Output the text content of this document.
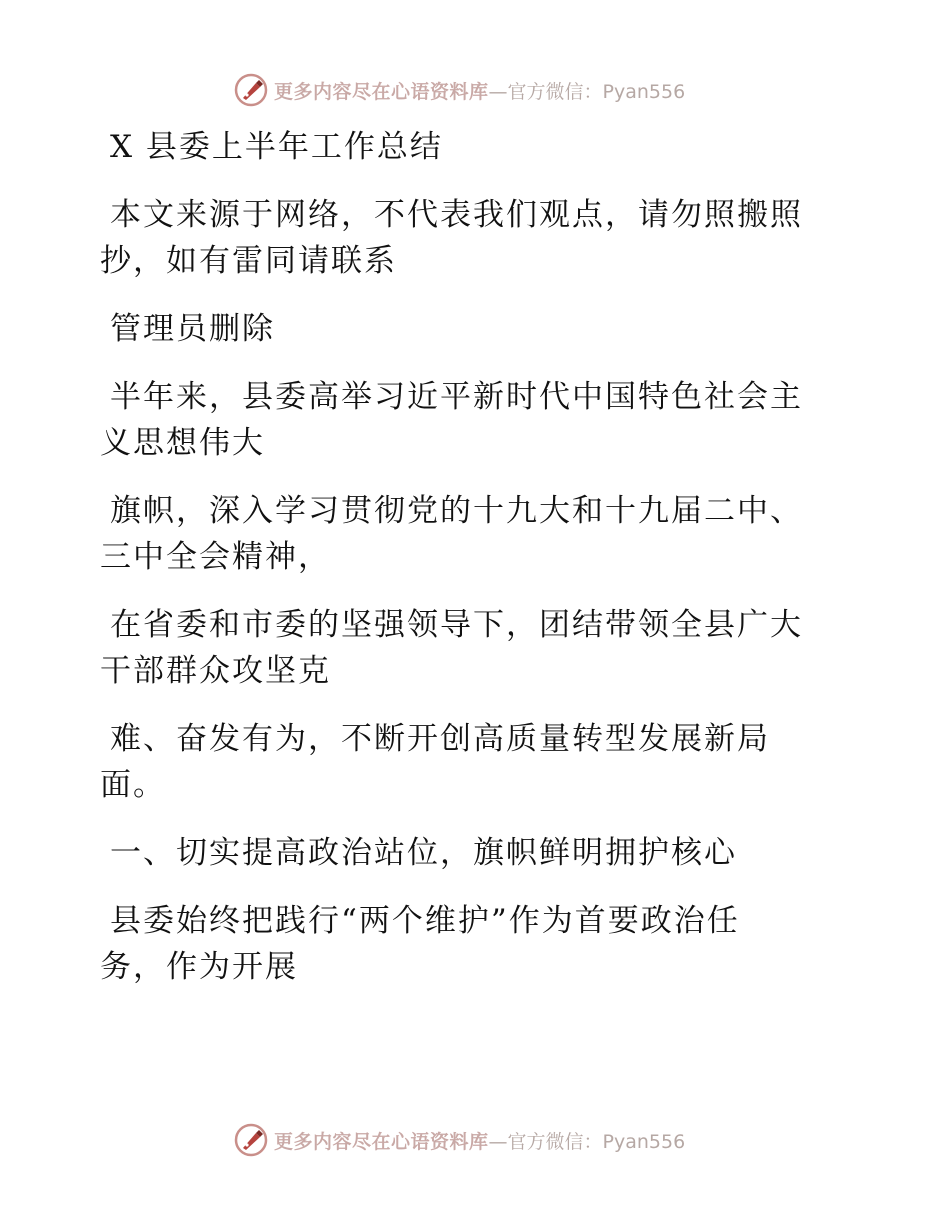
更多内容尽在心语资料库 —官方微信：Pyan556
X 县委上半年工作总结
本文来源于网络，不代表我们观点，请勿照搬照
抄，如有雷同请联系
管理员删除
半年来，县委高举习近平新时代中国特色社会主
义思想伟大
旗帜，深入学习贯彻党的十九大和十九届二中、
三中全会精神，
在省委和市委的坚强领导下，团结带领全县广大
干部群众攻坚克
难、奋发有为，不断开创高质量转型发展新局
面。
一、切实提高政治站位，旗帜鲜明拥护核心
县委始终把践行“两个维护”作为首要政治任
务，作为开展
更多内容尽在心语资料库 —官方微信：Pyan556
